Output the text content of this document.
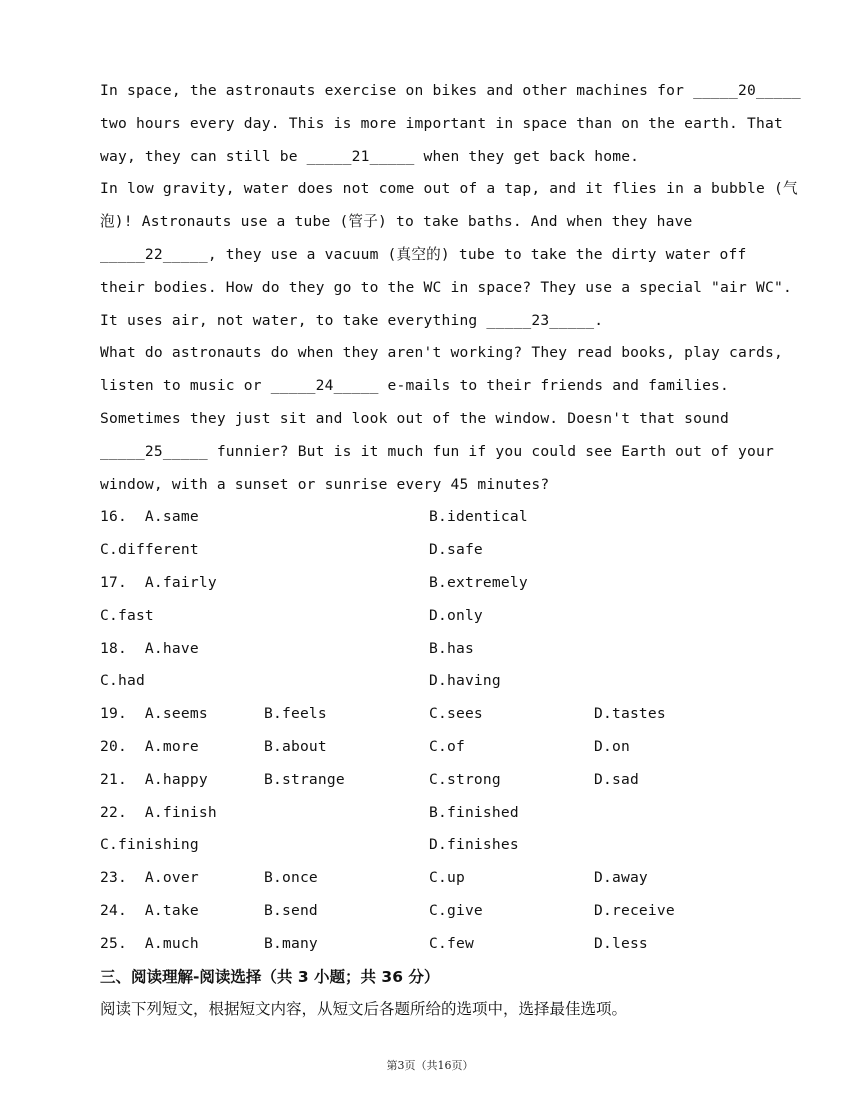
In space, the astronauts exercise on bikes and other machines for _____20_____
two hours every day. This is more important in space than on the earth. That
way, they can still be _____21_____ when they get back home.
In low gravity, water does not come out of a tap, and it flies in a bubble (气
泡)! Astronauts use a tube (管子) to take baths. And when they have
_____22_____, they use a vacuum (真空的) tube to take the dirty water off
their bodies. How do they go to the WC in space? They use a special "air WC".
It uses air, not water, to take everything _____23_____.
What do astronauts do when they aren't working? They read books, play cards,
listen to music or _____24_____ e-mails to their friends and families.
Sometimes they just sit and look out of the window. Doesn't that sound
_____25_____ funnier? But is it much fun if you could see Earth out of your
window, with a sunset or sunrise every 45 minutes?
16.  A.same	B.identical
C.different	D.safe
17.  A.fairly	B.extremely
C.fast	D.only
18.  A.have	B.has
C.had	D.having
19.  A.seems	B.feels	C.sees	D.tastes
20.  A.more	B.about	C.of	D.on
21.  A.happy	B.strange	C.strong	D.sad
22.  A.finish	B.finished
C.finishing	D.finishes
23.  A.over	B.once	C.up	D.away
24.  A.take	B.send	C.give	D.receive
25.  A.much	B.many	C.few	D.less
三、阅读理解-阅读选择（共 3 小题；共 36 分）
阅读下列短文，根据短文内容，从短文后各题所给的选项中，选择最佳选项。
第3页（共16页）
